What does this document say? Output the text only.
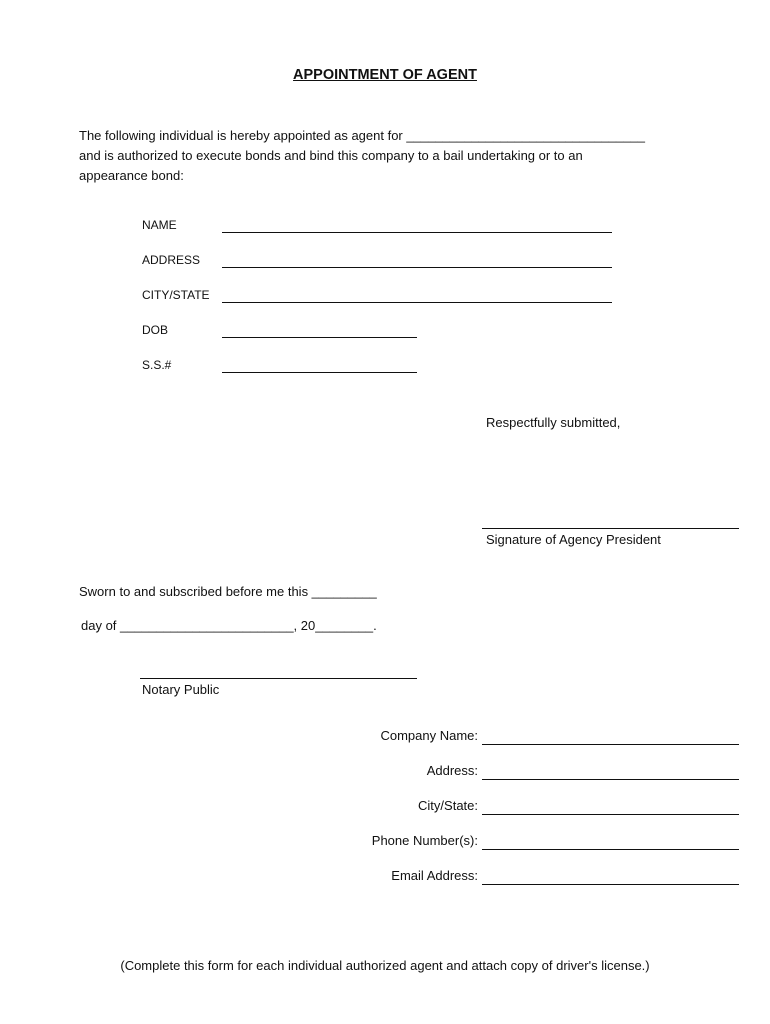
APPOINTMENT OF AGENT
The following individual is hereby appointed as agent for _________________________________
and is authorized to execute bonds and bind this company to a bail undertaking or to an
appearance bond:
NAME
ADDRESS
CITY/STATE
DOB
S.S.#
Respectfully submitted,
Signature of Agency President
Sworn to and subscribed before me this _________
day of ________________________, 20________.
Notary Public
Company Name:
Address:
City/State:
Phone Number(s):
Email Address:
(Complete this form for each individual authorized agent and attach copy of driver's license.)
